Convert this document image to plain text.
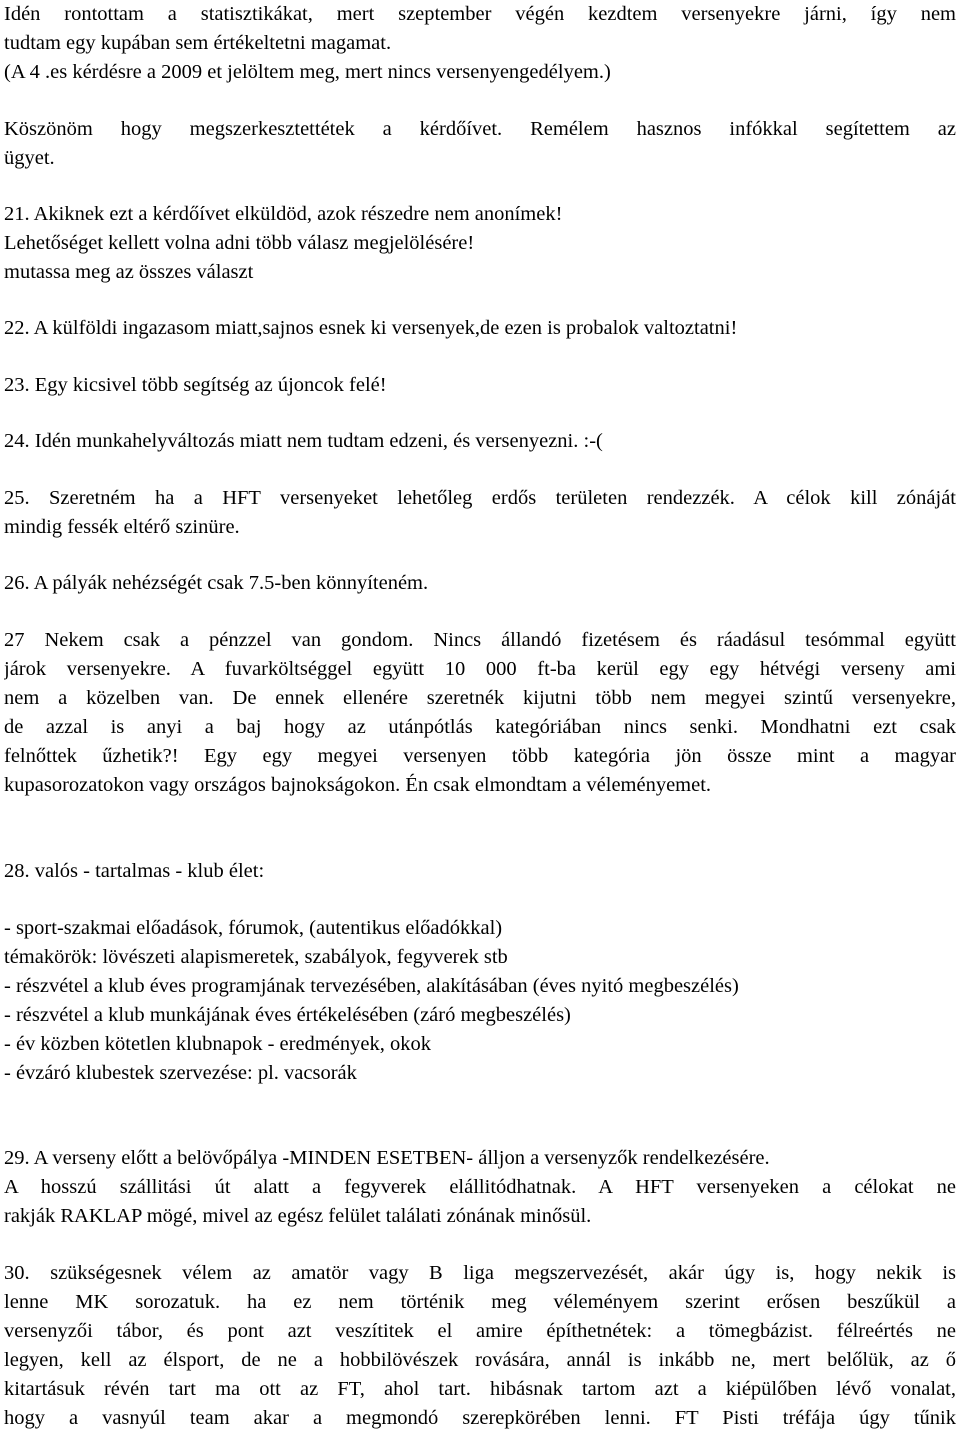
Idén rontottam a statisztikákat, mert szeptember végén kezdtem versenyekre járni, így nem
tudtam egy kupában sem értékeltetni magamat.
(A 4 .es kérdésre a 2009 et jelöltem meg, mert nincs versenyengedélyem.)
Köszönöm hogy megszerkesztettétek a kérdőívet. Remélem hasznos infókkal segítettem az
ügyet.
21. Akiknek ezt a kérdőívet elküldöd, azok részedre nem anonímek!
Lehetőséget kellett volna adni több válasz megjelölésére!
mutassa meg az összes választ
22. A külföldi ingazasom miatt,sajnos esnek ki versenyek,de ezen is probalok valtoztatni!
23. Egy kicsivel több segítség az újoncok felé!
24. Idén munkahelyváltozás miatt nem tudtam edzeni, és versenyezni. :-(
25. Szeretném ha a HFT versenyeket lehetőleg erdős területen rendezzék. A célok kill zónáját
mindig fessék eltérő szinüre.
26. A pályák nehézségét csak 7.5-ben könnyíteném.
27 Nekem csak a pénzzel van gondom. Nincs állandó fizetésem és ráadásul tesómmal együtt
járok versenyekre. A fuvarköltséggel együtt 10 000 ft-ba kerül egy egy hétvégi verseny ami
nem a közelben van. De ennek ellenére szeretnék kijutni több nem megyei szintű versenyekre,
de azzal is anyi a baj hogy az utánpótlás kategóriában nincs senki. Mondhatni ezt csak
felnőttek űzhetik?! Egy egy megyei versenyen több kategória jön össze mint a magyar
kupasorozatokon vagy országos bajnokságokon. Én csak elmondtam a véleményemet.
28. valós - tartalmas - klub élet:
- sport-szakmai előadások, fórumok, (autentikus előadókkal)
témakörök: lövészeti alapismeretek, szabályok, fegyverek stb
- részvétel a klub éves programjának tervezésében, alakításában (éves nyitó megbeszélés)
- részvétel a klub munkájának éves értékelésében (záró megbeszélés)
- év közben kötetlen klubnapok - eredmények, okok
- évzáró klubestek szervezése: pl. vacsorák
29. A verseny előtt a belövőpálya -MINDEN ESETBEN- álljon a versenyzők rendelkezésére.
A hosszú szállitási út alatt a fegyverek elállitódhatnak. A HFT versenyeken a célokat ne
rakják RAKLAP mögé, mivel az egész felület találati zónának minősül.
30. szükségesnek vélem az amatör vagy B liga megszervezését, akár úgy is, hogy nekik is
lenne MK sorozatuk. ha ez nem történik meg véleményem szerint erősen beszűkül a
versenyzői tábor, és pont azt veszítitek el amire építhetnétek: a tömegbázist. félreértés ne
legyen, kell az élsport, de ne a hobbilövészek rovására, annál is inkább ne, mert belőlük, az ő
kitartásuk révén tart ma ott az FT, ahol tart. hibásnak tartom azt a kiépülőben lévő vonalat,
hogy a vasnyúl team akar a megmondó szerepkörében lenni. FT Pisti tréfája úgy tűnik
